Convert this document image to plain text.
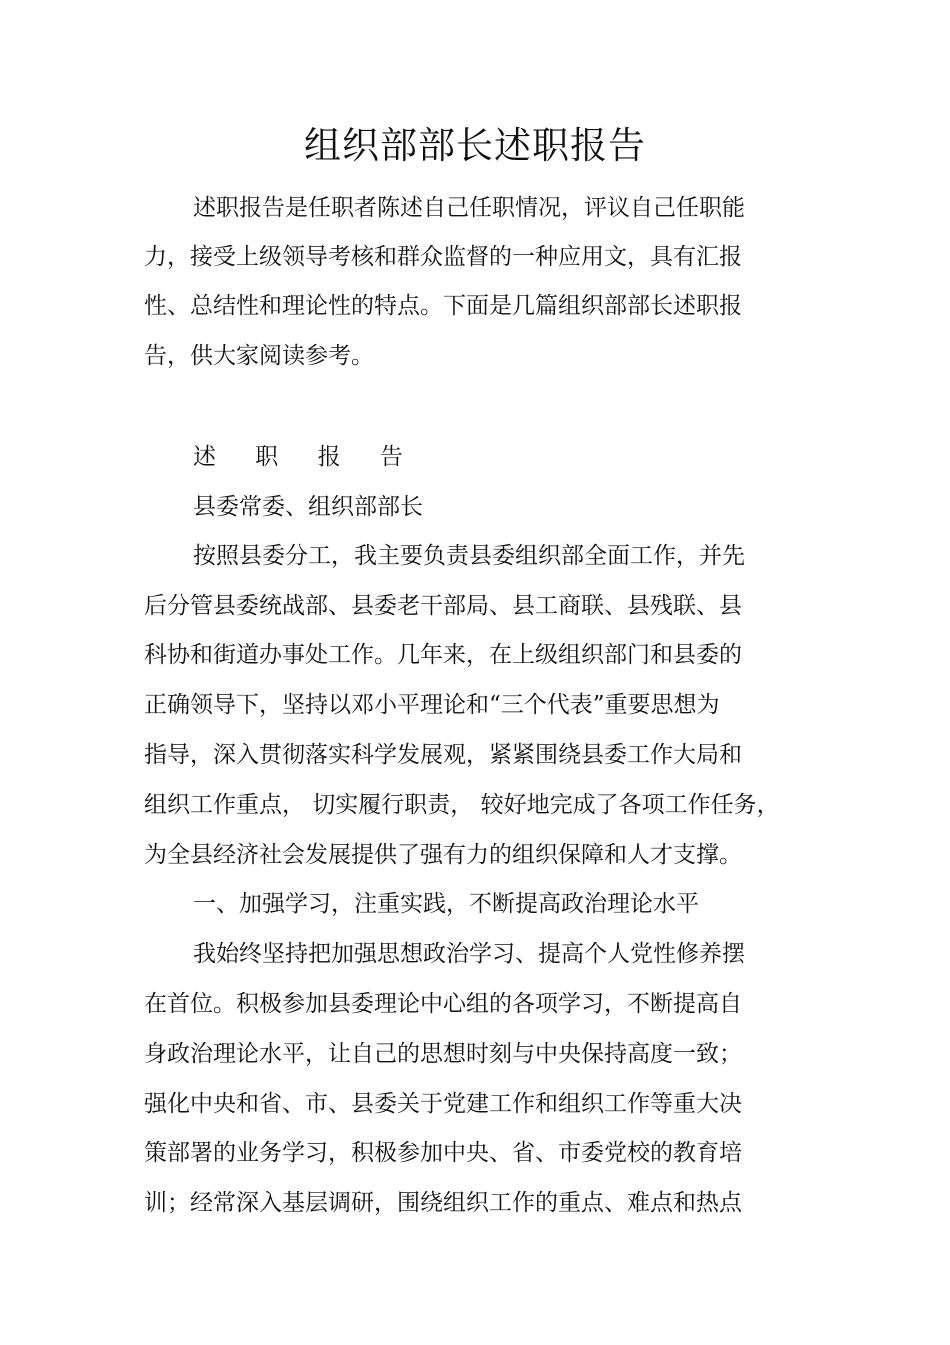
组织部部长述职报告
述职报告是任职者陈述自己任职情况，评议自己任职能
力，接受上级领导考核和群众监督的一种应用文，具有汇报
性、总结性和理论性的特点。下面是几篇组织部部长述职报
告，供大家阅读参考。
述 职 报 告
县委常委、组织部部长
按照县委分工，我主要负责县委组织部全面工作，并先
后分管县委统战部、县委老干部局、县工商联、县残联、县
科协和街道办事处工作。几年来，在上级组织部门和县委的
正确领导下，坚持以邓小平理论和“三个代表”重要思想为
指导，深入贯彻落实科学发展观，紧紧围绕县委工作大局和
组织工作重点， 切实履行职责， 较好地完成了各项工作任务，
为全县经济社会发展提供了强有力的组织保障和人才支撑。
一、加强学习，注重实践，不断提高政治理论水平
我始终坚持把加强思想政治学习、提高个人党性修养摆
在首位。积极参加县委理论中心组的各项学习，不断提高自
身政治理论水平，让自己的思想时刻与中央保持高度一致；
强化中央和省、市、县委关于党建工作和组织工作等重大决
策部署的业务学习，积极参加中央、省、市委党校的教育培
训；经常深入基层调研，围绕组织工作的重点、难点和热点
